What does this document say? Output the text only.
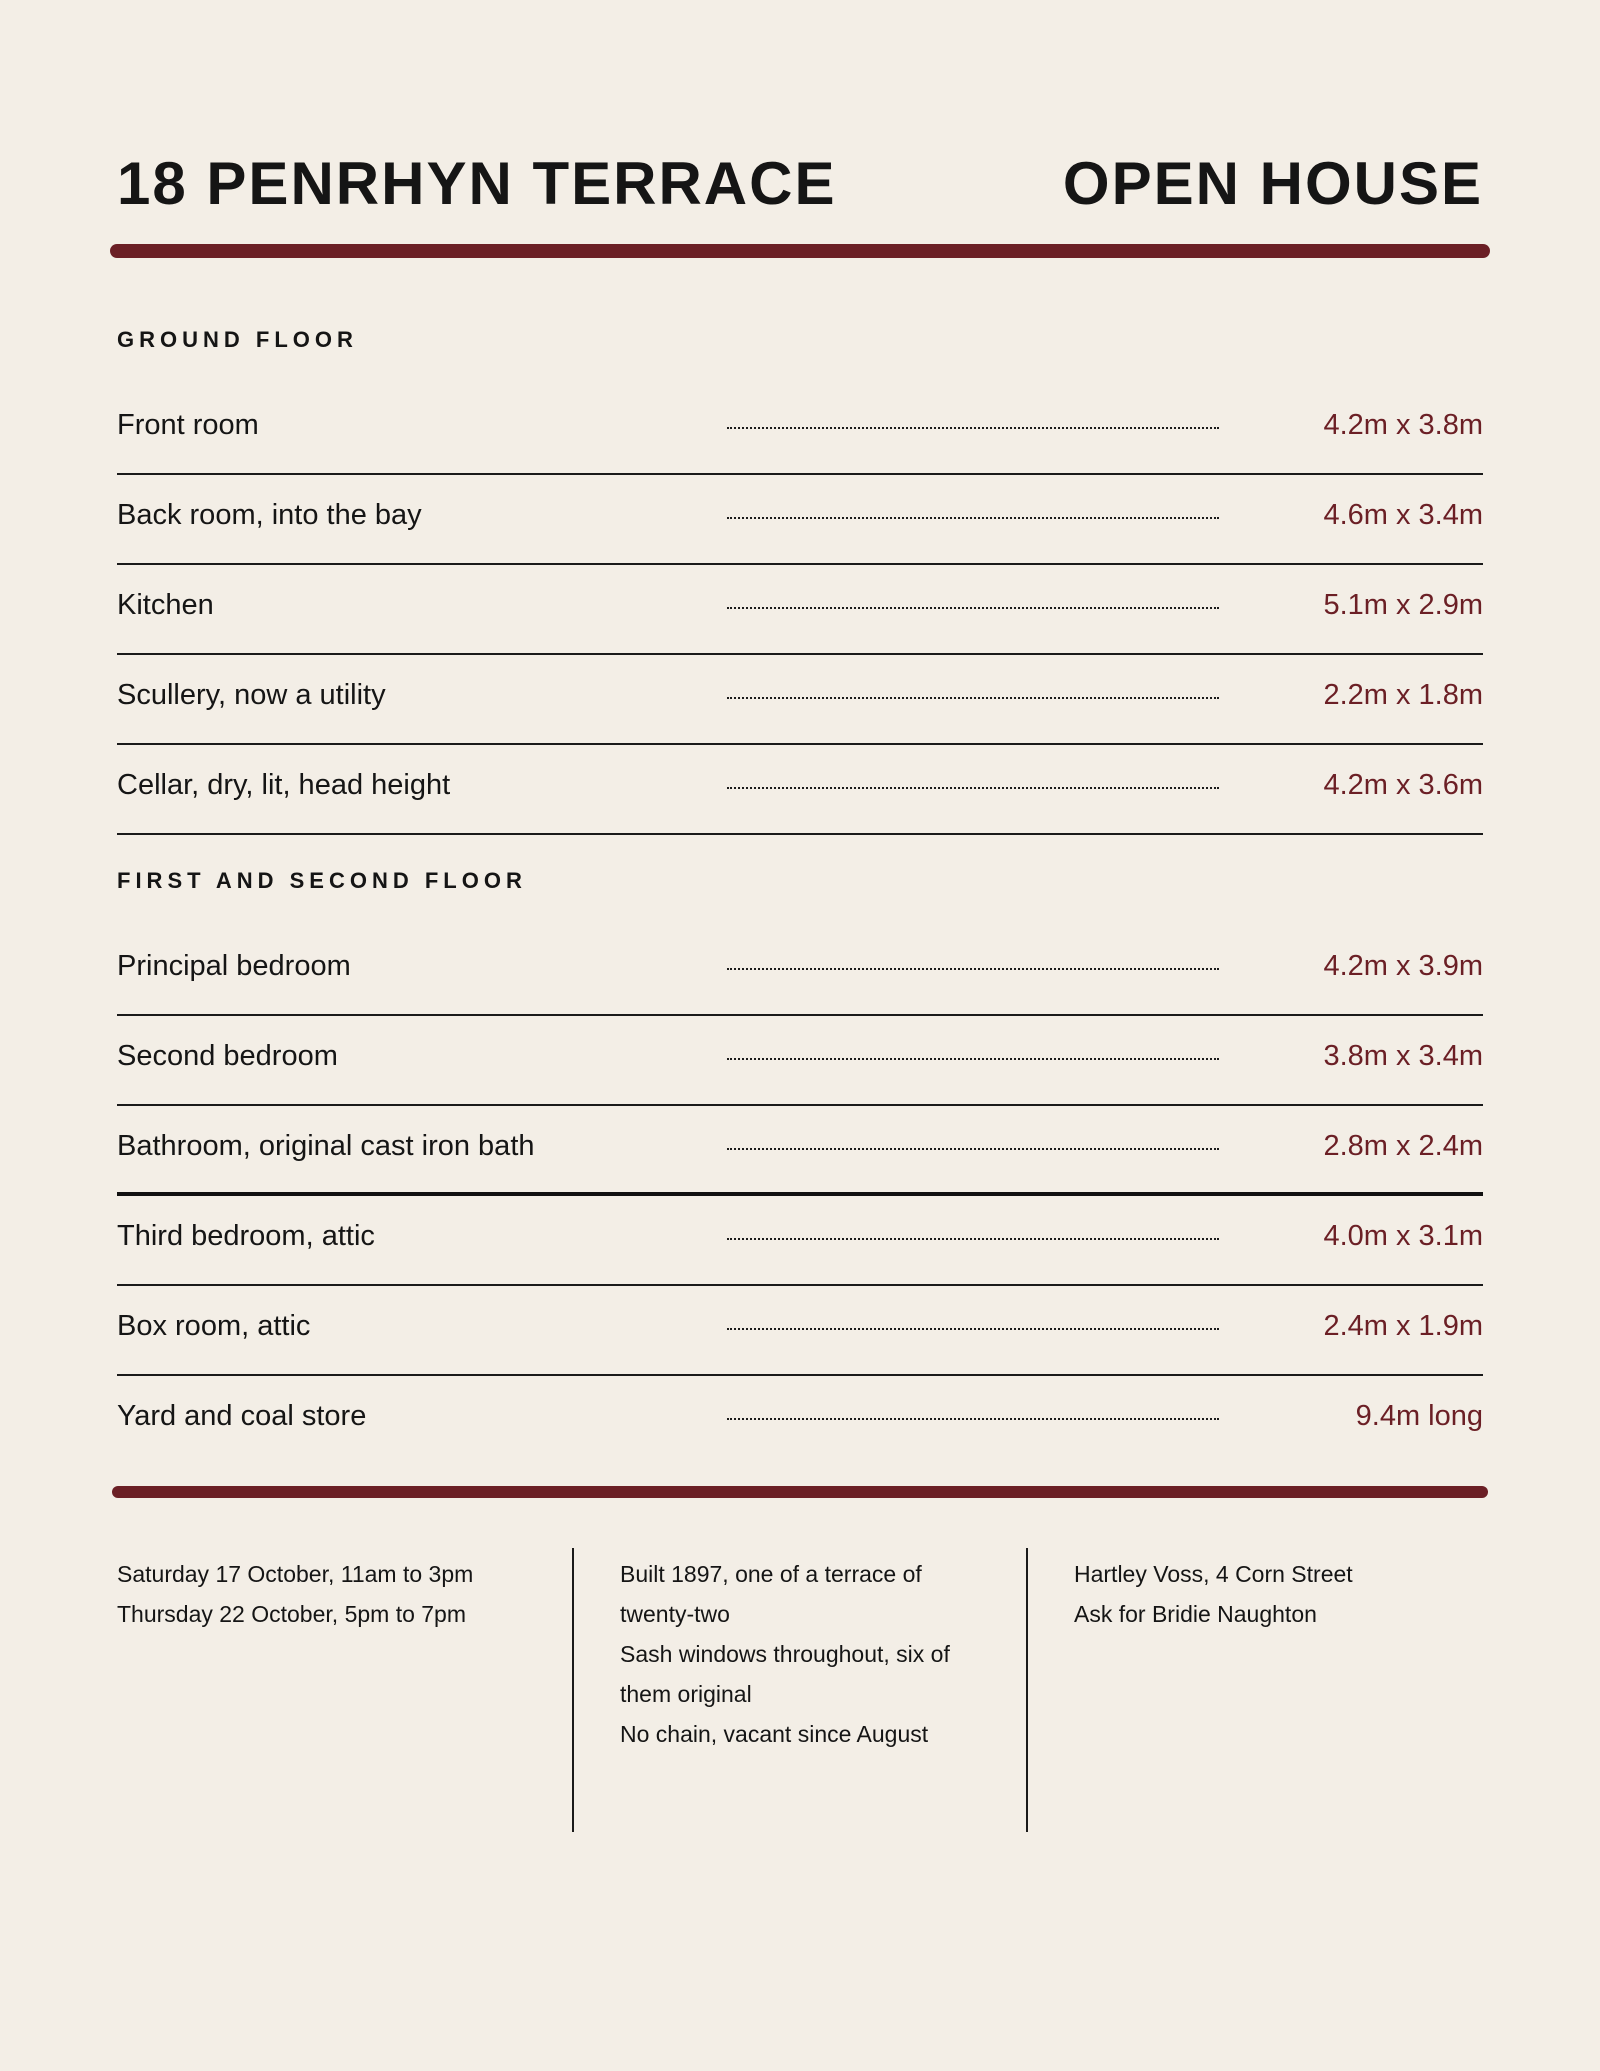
18 PENRHYN TERRACE	OPEN HOUSE
GROUND FLOOR
Front room	4.2m x 3.8m
Back room, into the bay	4.6m x 3.4m
Kitchen	5.1m x 2.9m
Scullery, now a utility	2.2m x 1.8m
Cellar, dry, lit, head height	4.2m x 3.6m
FIRST AND SECOND FLOOR
Principal bedroom	4.2m x 3.9m
Second bedroom	3.8m x 3.4m
Bathroom, original cast iron bath	2.8m x 2.4m
Third bedroom, attic	4.0m x 3.1m
Box room, attic	2.4m x 1.9m
Yard and coal store	9.4m long

Saturday 17 October, 11am to 3pm

Thursday 22 October, 5pm to 7pm

Built 1897, one of a terrace of

twenty-two

Sash windows throughout, six of

them original

No chain, vacant since August

Hartley Voss, 4 Corn Street

Ask for Bridie Naughton
